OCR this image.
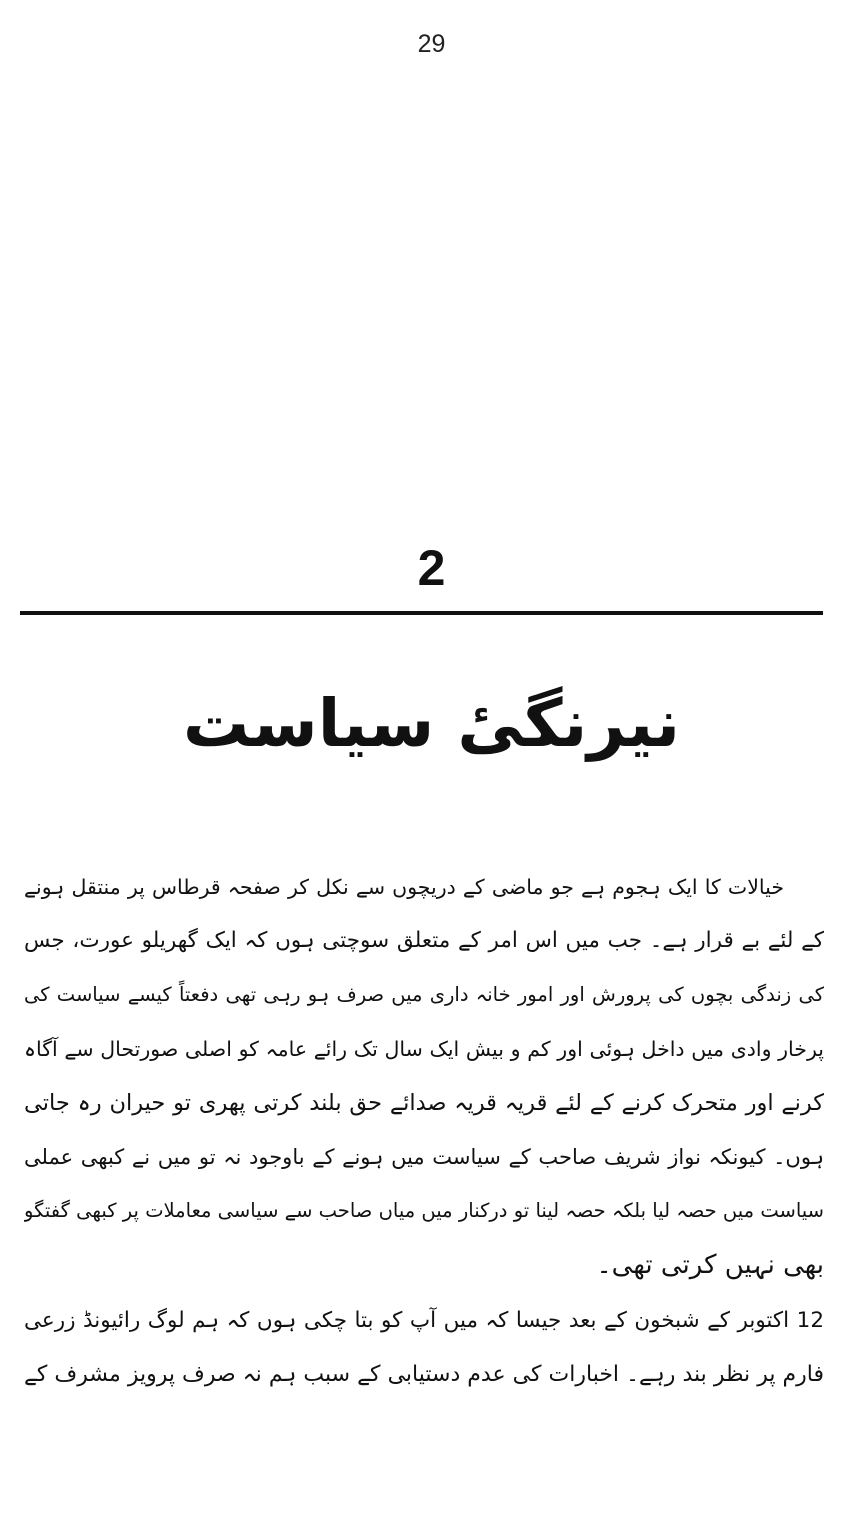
29
2
نیرنگیٔ سیاست
خیالات کا ایک ہجوم ہے جو ماضی کے دریچوں سے نکل کر صفحہ قرطاس پر منتقل ہونے
کے لئے بے قرار ہے۔ جب میں اس امر کے متعلق سوچتی ہوں کہ ایک گھریلو عورت، جس
کی زندگی بچوں کی پرورش اور امور خانہ داری میں صرف ہو رہی تھی دفعتاً کیسے سیاست کی
پرخار وادی میں داخل ہوئی اور کم و بیش ایک سال تک رائے عامہ کو اصلی صورتحال سے آگاہ
کرنے اور متحرک کرنے کے لئے قریہ قریہ صدائے حق بلند کرتی پھری تو حیران رہ جاتی
ہوں۔ کیونکہ نواز شریف صاحب کے سیاست میں ہونے کے باوجود نہ تو میں نے کبھی عملی
سیاست میں حصہ لیا بلکہ حصہ لینا تو درکنار میں میاں صاحب سے سیاسی معاملات پر کبھی گفتگو
بھی نہیں کرتی تھی۔
12 اکتوبر کے شبخون کے بعد جیسا کہ میں آپ کو بتا چکی ہوں کہ ہم لوگ رائیونڈ زرعی
فارم پر نظر بند رہے۔ اخبارات کی عدم دستیابی کے سبب ہم نہ صرف پرویز مشرف کے
